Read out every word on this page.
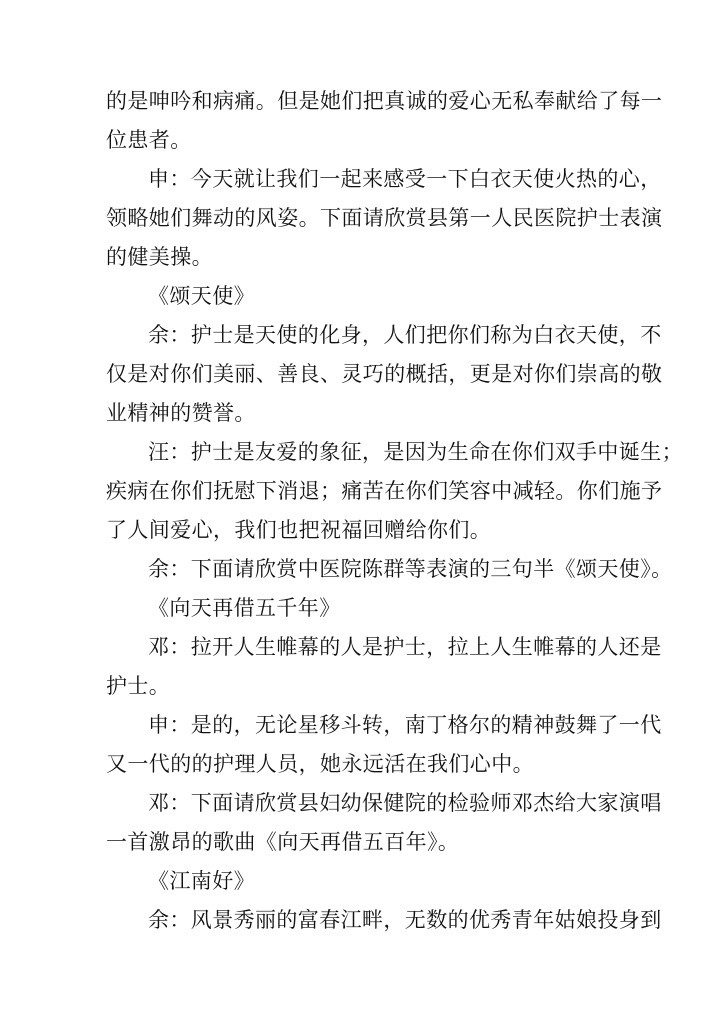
的是呻吟和病痛。但是她们把真诚的爱心无私奉献给了每一
位患者。
申：今天就让我们一起来感受一下白衣天使火热的心，
领略她们舞动的风姿。下面请欣赏县第一人民医院护士表演
的健美操。
《颂天使》
余：护士是天使的化身，人们把你们称为白衣天使，不
仅是对你们美丽、善良、灵巧的概括，更是对你们崇高的敬
业精神的赞誉。
汪：护士是友爱的象征，是因为生命在你们双手中诞生；
疾病在你们抚慰下消退；痛苦在你们笑容中减轻。你们施予
了人间爱心，我们也把祝福回赠给你们。
余：下面请欣赏中医院陈群等表演的三句半《颂天使》。
《向天再借五千年》
邓：拉开人生帷幕的人是护士，拉上人生帷幕的人还是
护士。
申：是的，无论星移斗转，南丁格尔的精神鼓舞了一代
又一代的的护理人员，她永远活在我们心中。
邓：下面请欣赏县妇幼保健院的检验师邓杰给大家演唱
一首激昂的歌曲《向天再借五百年》。
《江南好》
余：风景秀丽的富春江畔，无数的优秀青年姑娘投身到
